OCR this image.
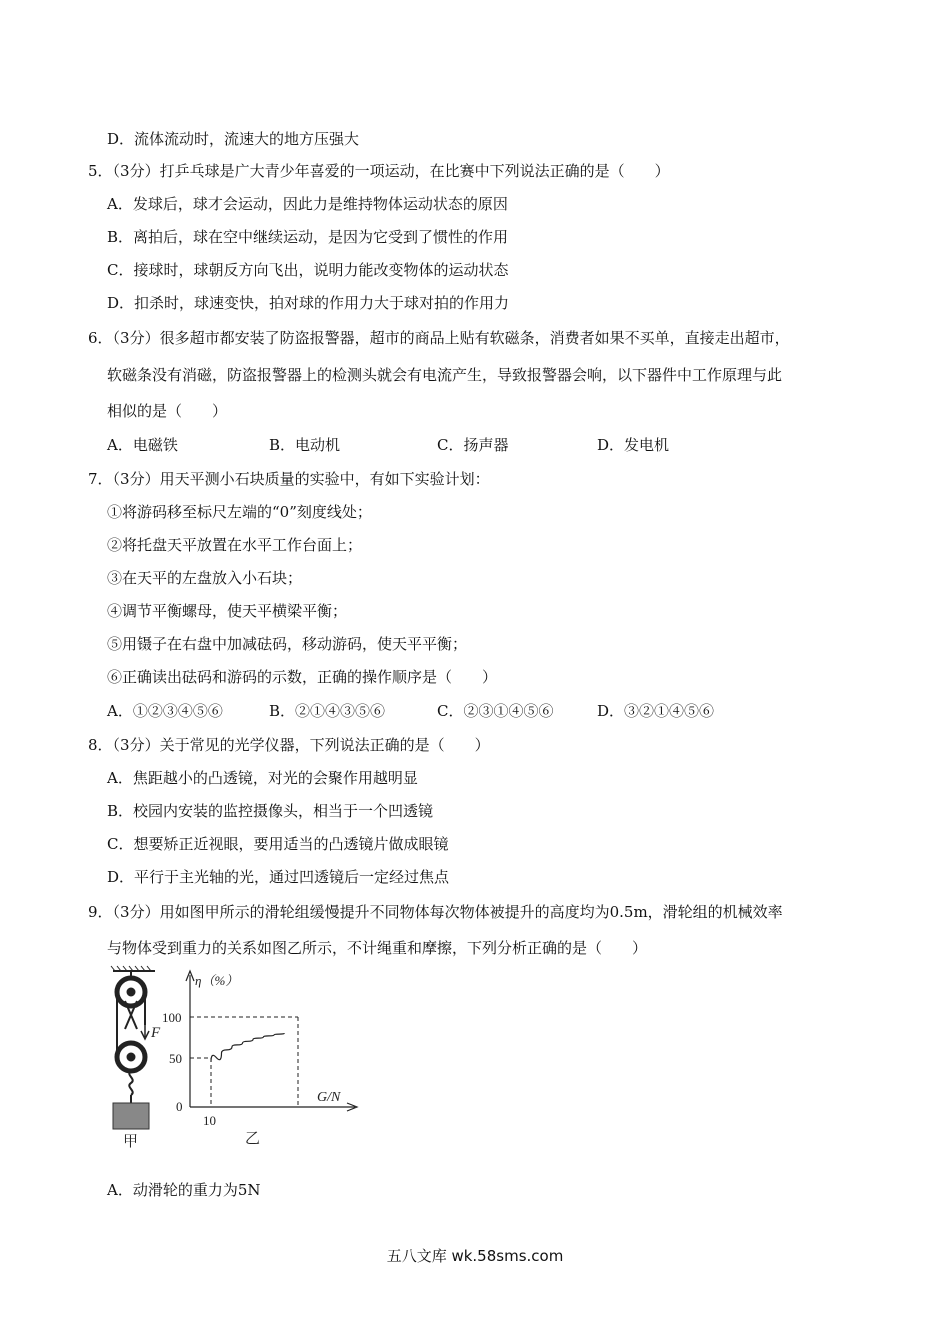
D．流体流动时，流速大的地方压强大
5．（3分）打乒乓球是广大青少年喜爱的一项运动，在比赛中下列说法正确的是（　　）
A．发球后，球才会运动，因此力是维持物体运动状态的原因
B．离拍后，球在空中继续运动，是因为它受到了惯性的作用
C．接球时，球朝反方向飞出，说明力能改变物体的运动状态
D．扣杀时，球速变快，拍对球的作用力大于球对拍的作用力
6．（3分）很多超市都安装了防盗报警器，超市的商品上贴有软磁条，消费者如果不买单，直接走出超市，
软磁条没有消磁，防盗报警器上的检测头就会有电流产生，导致报警器会响，以下器件中工作原理与此
相似的是（　　）
A．电磁铁	B．电动机	C．扬声器	D．发电机
7．（3分）用天平测小石块质量的实验中，有如下实验计划：
①将游码移至标尺左端的“0”刻度线处；
②将托盘天平放置在水平工作台面上；
③在天平的左盘放入小石块；
④调节平衡螺母，使天平横梁平衡；
⑤用镊子在右盘中加减砝码，移动游码，使天平平衡；
⑥正确读出砝码和游码的示数，正确的操作顺序是（　　）
A．①②③④⑤⑥	B．②①④③⑤⑥	C．②③①④⑤⑥	D．③②①④⑤⑥
8．（3分）关于常见的光学仪器，下列说法正确的是（　　）
A．焦距越小的凸透镜，对光的会聚作用越明显
B．校园内安装的监控摄像头，相当于一个凹透镜
C．想要矫正近视眼，要用适当的凸透镜片做成眼镜
D．平行于主光轴的光，通过凹透镜后一定经过焦点
9．（3分）用如图甲所示的滑轮组缓慢提升不同物体每次物体被提升的高度均为0.5m，滑轮组的机械效率
与物体受到重力的关系如图乙所示，不计绳重和摩擦，下列分析正确的是（　　）
F
甲
η（%）
G/N
100
50
0
10
乙
A．动滑轮的重力为5N
五八文库 wk.58sms.com
